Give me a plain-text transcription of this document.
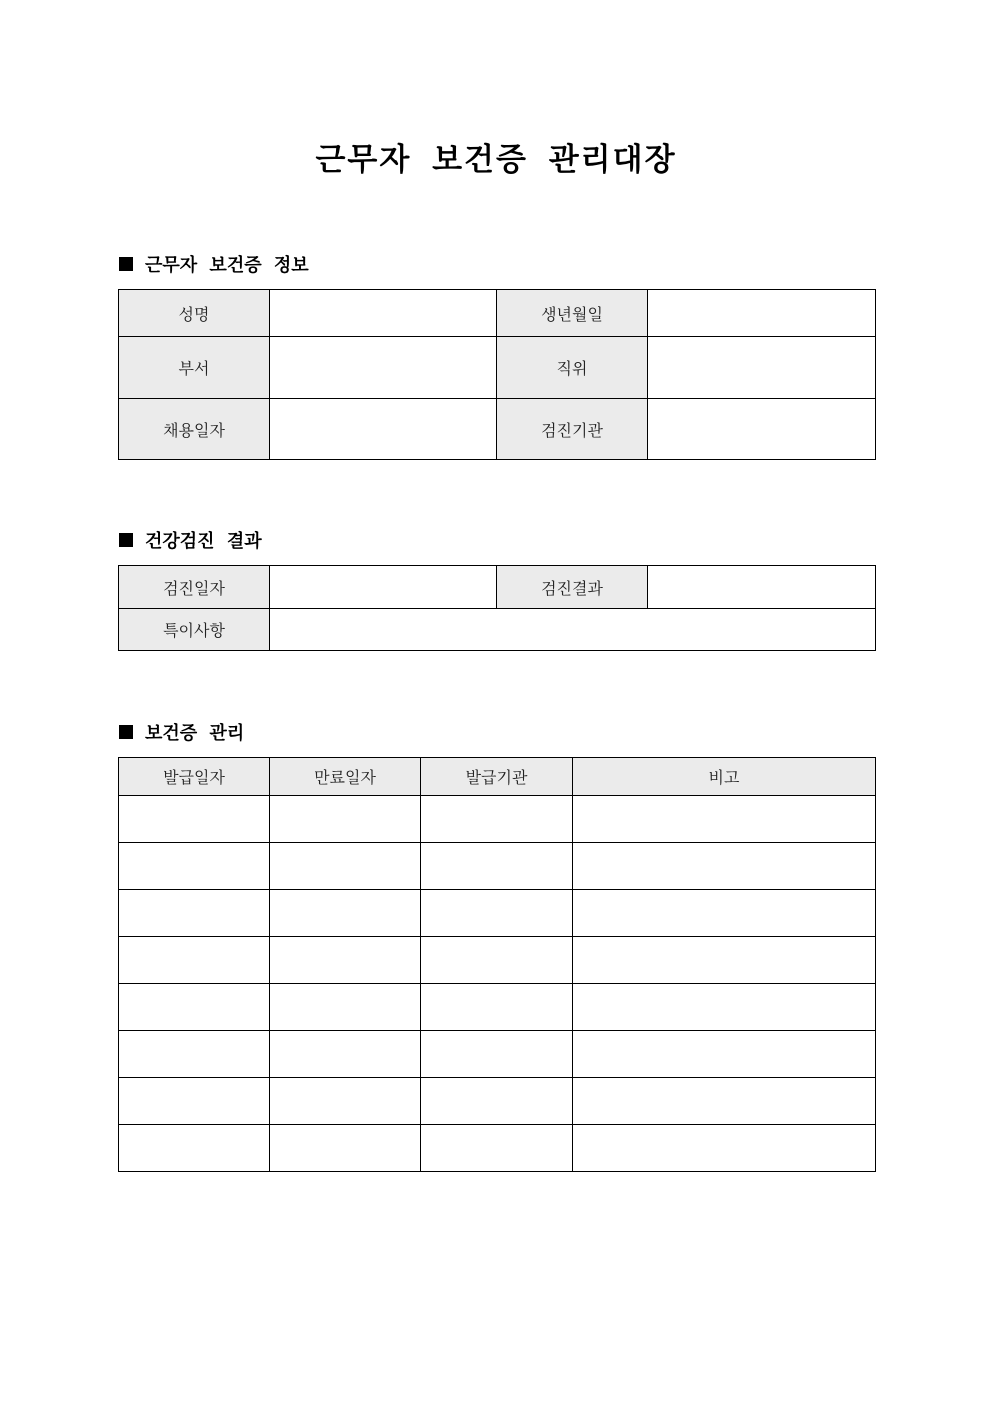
근무자 보건증 관리대장
근무자 보건증 정보
성명		생년월일	
부서		직위	
채용일자		검진기관	
건강검진 결과
검진일자		검진결과	
특이사항			
보건증 관리
발급일자	만료일자	발급기관	비고
